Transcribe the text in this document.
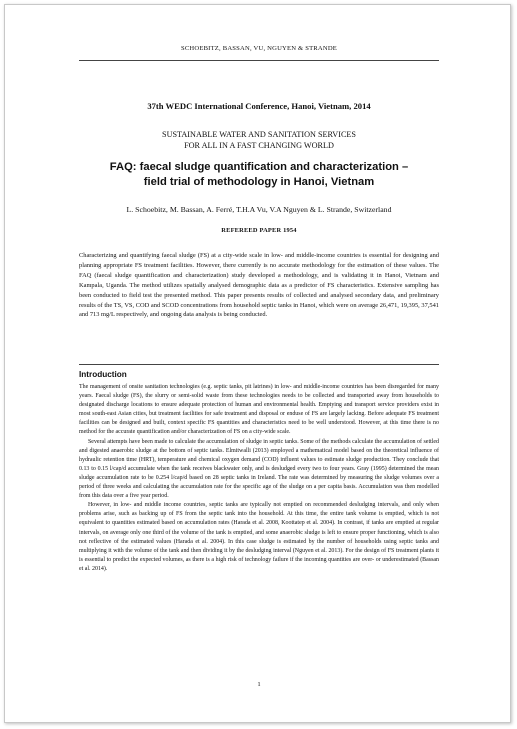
SCHOEBITZ, BASSAN, VU, NGUYEN & STRANDE
37th WEDC International Conference, Hanoi, Vietnam, 2014
SUSTAINABLE WATER AND SANITATION SERVICES
FOR ALL IN A FAST CHANGING WORLD
FAQ: faecal sludge quantification and characterization –
field trial of methodology in Hanoi, Vietnam
L. Schoebitz, M. Bassan, A. Ferré, T.H.A Vu, V.A Nguyen & L. Strande, Switzerland
REFEREED PAPER 1954

Characterizing and quantifying faecal sludge (FS) at a city-wide scale in low- and middle-income countries is essential for designing and planning appropriate FS treatment facilities. However, there currently is no accurate methodology for the estimation of these values. The FAQ (faecal sludge quantification and characterization) study developed a methodology, and is validating it in Hanoi, Vietnam and Kampala, Uganda. The method utilizes spatially analysed demographic data as a predictor of FS characteristics. Extensive sampling has been conducted to field test the presented method. This paper presents results of collected and analysed secondary data, and preliminary results of the TS, VS, COD and SCOD concentrations from household septic tanks in Hanoi, which were on average 26,471, 19,395, 37,541 and 713 mg/L respectively, and ongoing data analysis is being conducted.

Introduction

The management of onsite sanitation technologies (e.g. septic tanks, pit latrines) in low- and middle-income countries has been disregarded for many years. Faecal sludge (FS), the slurry or semi-solid waste from these technologies needs to be collected and transported away from households to designated discharge locations to ensure adequate protection of human and environmental health. Emptying and transport service providers exist in most south-east Asian cities, but treatment facilities for safe treatment and disposal or enduse of FS are largely lacking. Before adequate FS treatment facilities can be designed and built, context specific FS quantities and characteristics need to be well understood. However, at this time there is no method for the accurate quantification and/or characterization of FS on a city-wide scale.

Several attempts have been made to calculate the accumulation of sludge in septic tanks. Some of the methods calculate the accumulation of settled and digested anaerobic sludge at the bottom of septic tanks. Elmitwalli (2013) employed a mathematical model based on the theoretical influence of hydraulic retention time (HRT), temperature and chemical oxygen demand (COD) influent values to estimate sludge production. They conclude that 0.13 to 0.15 l/cap/d accumulate when the tank receives blackwater only, and is desludged every two to four years. Gray (1995) determined the mean sludge accumulation rate to be 0.254 l/cap/d based on 28 septic tanks in Ireland. The rate was determined by measuring the sludge volumes over a period of three weeks and calculating the accumulation rate for the specific age of the sludge on a per capita basis. Accumulation was then modelled from this data over a five year period.

However, in low- and middle income countries, septic tanks are typically not emptied on recommended desludging intervals, and only when problems arise, such as backing up of FS from the septic tank into the household. At this time, the entire tank volume is emptied, which is not equivalent to quantities estimated based on accumulation rates (Harada et al. 2008, Koottatep et al. 2004). In contrast, if tanks are emptied at regular intervals, on average only one third of the volume of the tank is emptied, and some anaerobic sludge is left to ensure proper functioning, which is also not reflective of the estimated values (Harada et al. 2004). In this case sludge is estimated by the number of households using septic tanks and multiplying it with the volume of the tank and then dividing it by the desludging interval (Nguyen et al. 2013). For the design of FS treatment plants it is essential to predict the expected volumes, as there is a high risk of technology failure if the incoming quantities are over- or underestimated (Bassan et al. 2014).

1
